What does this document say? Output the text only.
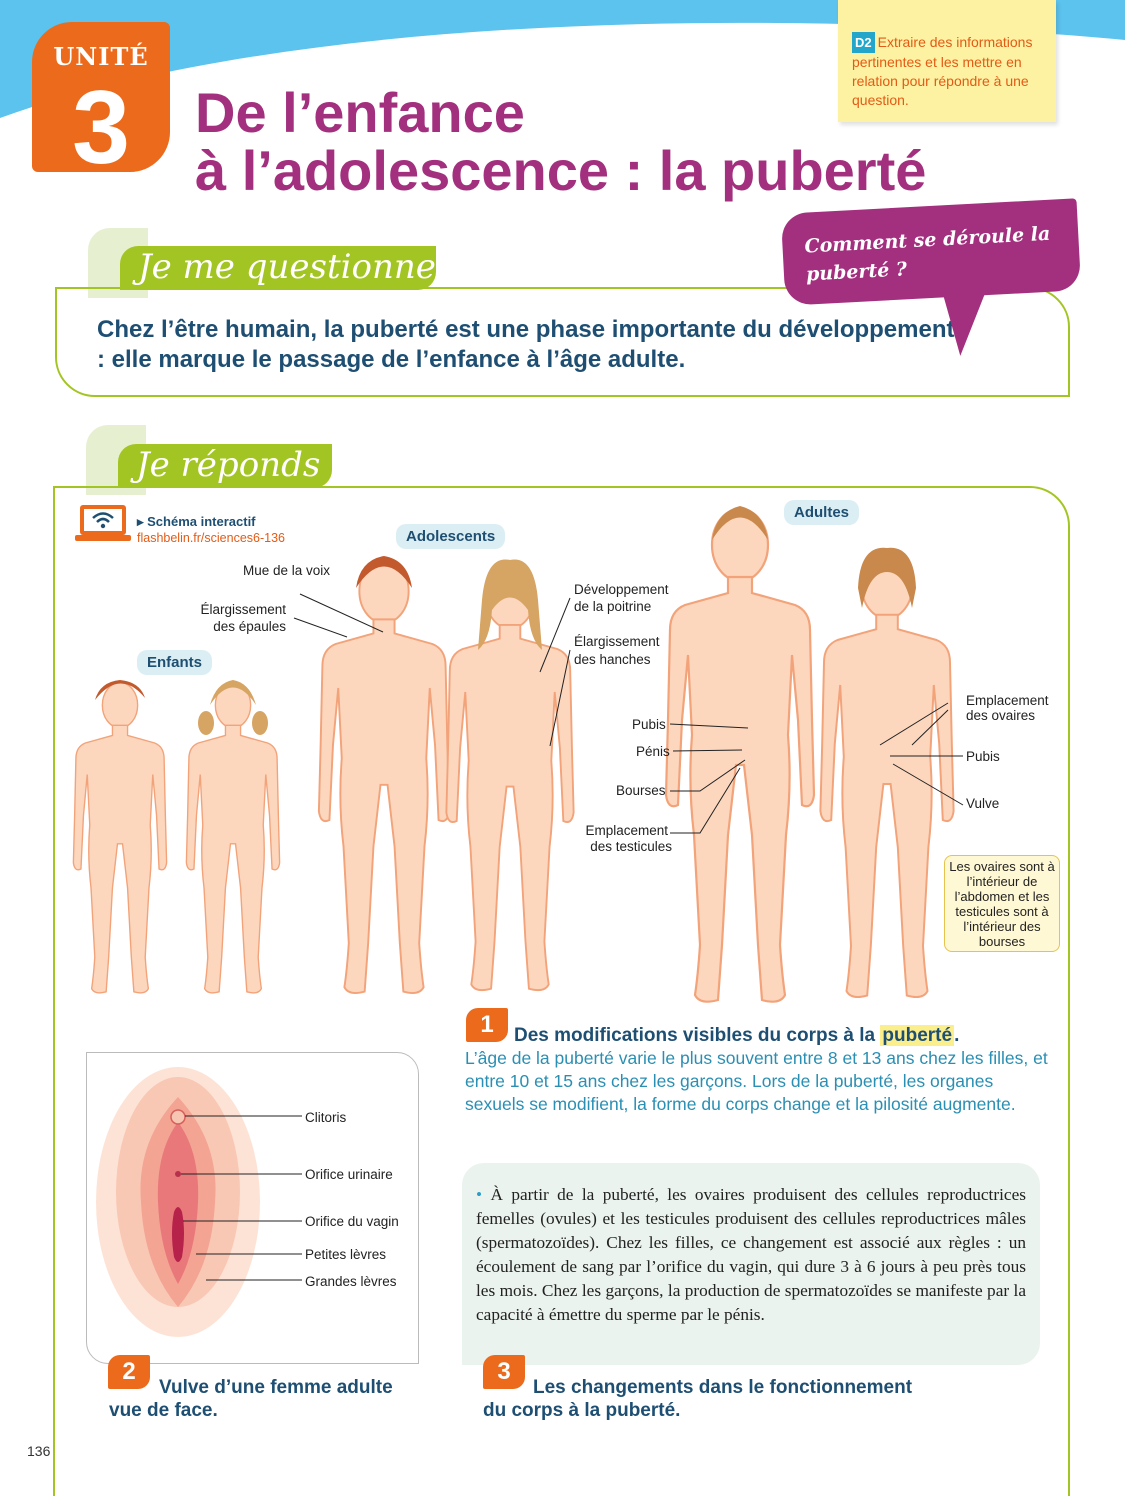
UNITÉ
3	De l’enfance
à l’adolescence : la puberté
D2 Extraire des informations pertinentes et les mettre en relation pour répondre à une question.
Je me questionne
Chez l’être humain, la puberté est une phase importante du développement : elle marque le passage de l’enfance à l’âge adulte.
Comment se déroule la puberté ?
Je réponds
▸ Schéma interactif
flashbelin.fr/sciences6-136
Enfants
Adolescents
Adultes
Mue de la voix
Élargissement
des épaules
Développement
de la poitrine
Élargissement
des hanches
Pubis
Pénis
Bourses
Emplacement
des testicules
Emplacement
des ovaires
Pubis
Vulve
Les ovaires sont à l’intérieur de l’abdomen et les testicules sont à l’intérieur des bourses
1	Des modifications visibles du corps à la puberté .
L’âge de la puberté varie le plus souvent entre 8 et 13 ans chez les filles, et entre 10 et 15 ans chez les garçons. Lors de la puberté, les organes sexuels se modifient, la forme du corps change et la pilosité augmente.
Clitoris
Orifice urinaire
Orifice du vagin
Petites lèvres
Grandes lèvres
2
Vulve d’une femme adulte
vue de face.
• À partir de la puberté, les ovaires produisent des cellules reproductrices femelles (ovules) et les testicules produisent des cellules reproductrices mâles (spermatozoïdes). Chez les filles, ce changement est associé aux règles : un écoulement de sang par l’orifice du vagin, qui dure 3 à 6 jours à peu près tous les mois. Chez les garçons, la production de spermatozoïdes se manifeste par la capacité à émettre du sperme par le pénis.
3
Les changements dans le fonctionnement
du corps à la puberté.
136
